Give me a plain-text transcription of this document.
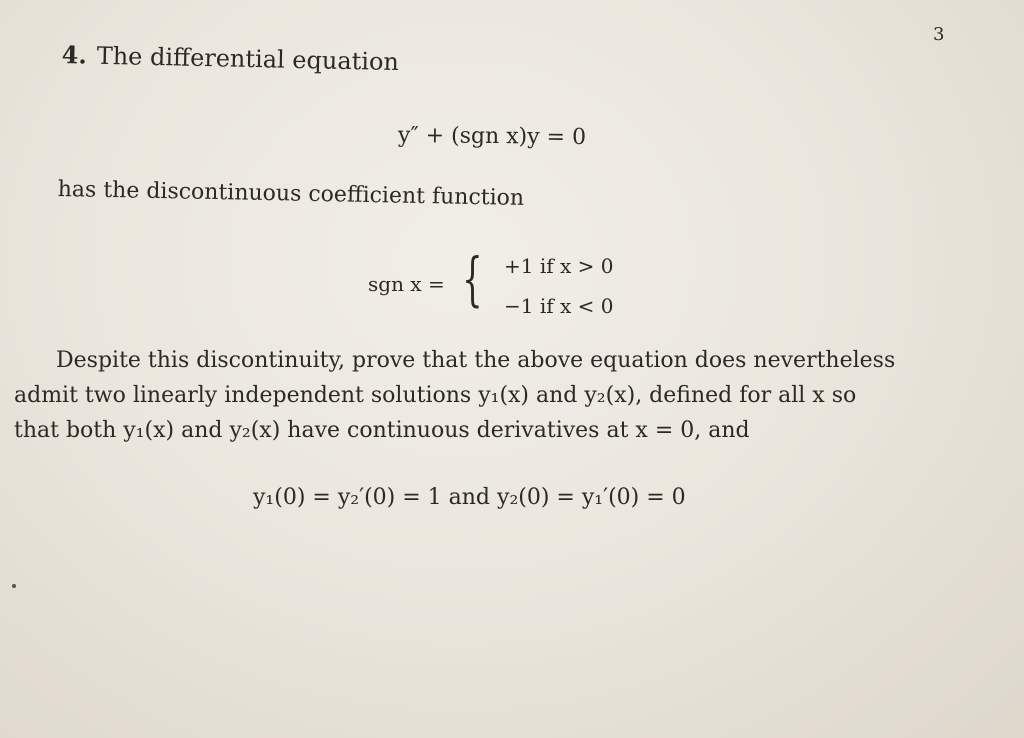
3
4. The differential equation
y″ + (sgn x)y = 0
has the discontinuous coefficient function
sgn x = { +1 if x > 0
−1 if x < 0
Despite this discontinuity, prove that the above equation does nevertheless
admit two linearly independent solutions y₁(x) and y₂(x), defined for all x so
that both y₁(x) and y₂(x) have continuous derivatives at x = 0, and
y₁(0) = y₂′(0) = 1 and y₂(0) = y₁′(0) = 0
